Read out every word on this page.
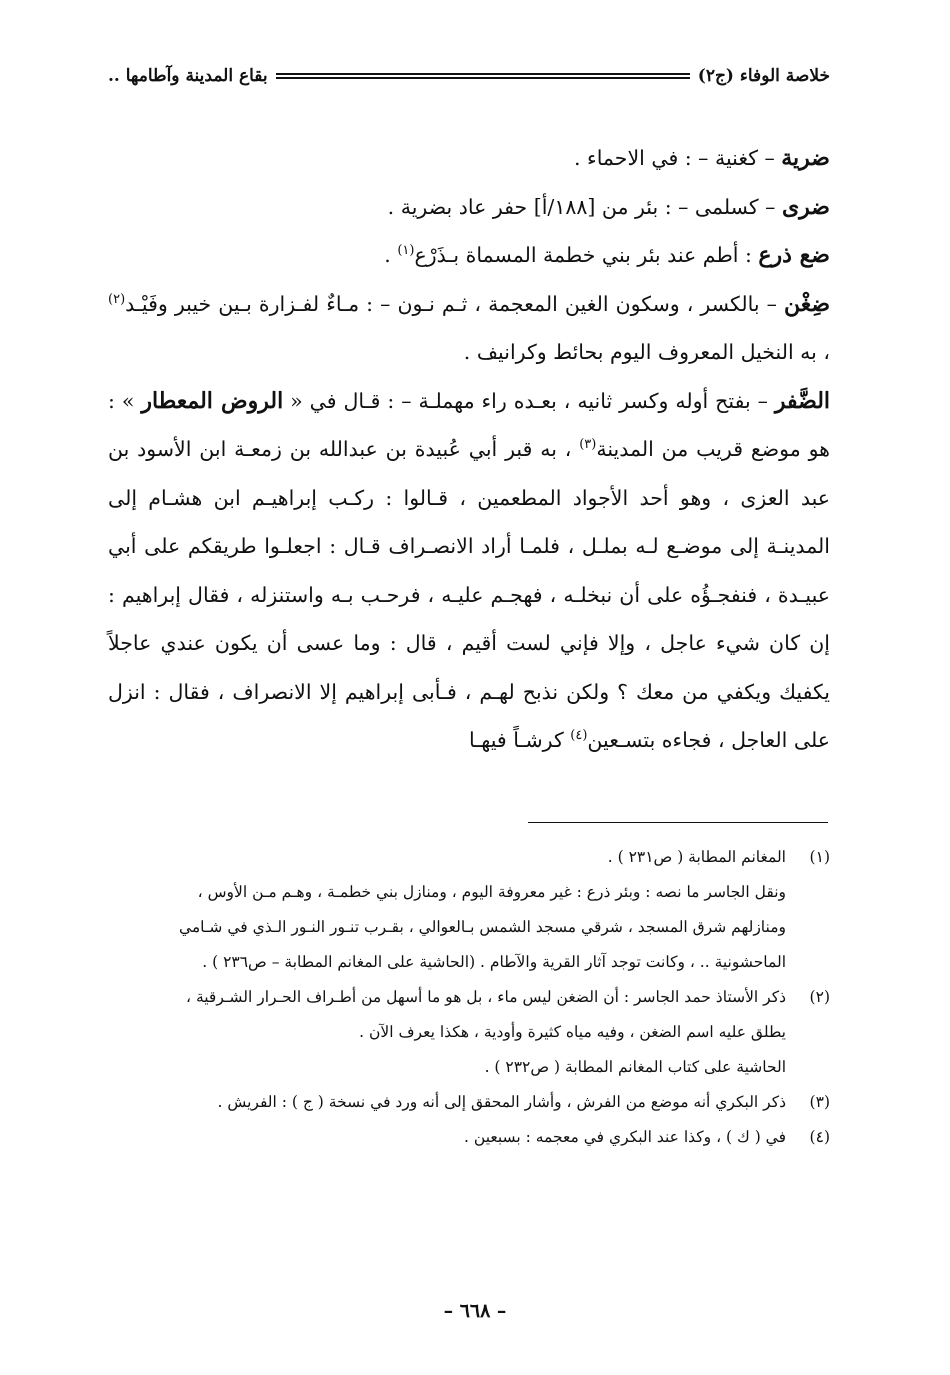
خلاصة الوفاء (ج٢)
بقاع المدينة وآطامها ..

ضرية – كغنية – : في الاحماء .

ضرى – كسلمى – : بئر من [١٨٨/أ] حفر عاد بضرية .

ضع ذرع : أطم عند بئر بني خطمة المسماة بـذَرْع$^{(١)}$ .

ضِغْن – بالكسر ، وسكون الغين المعجمة ، ثـم نـون – : مـاءٌ لفـزارة بـين خيبر وفَيْـد$^{(٢)}$ ، به النخيل المعروف اليوم بحائط وكرانيف .

الضَّفر – بفتح أوله وكسر ثانيه ، بعـده راء مهملـة – : قـال في « الروض المعطار » : هو موضع قريب من المدينة$^{(٣)}$ ، به قبر أبي عُبيدة بن عبدالله بن زمعـة ابن الأسود بن عبد العزى ، وهو أحد الأجواد المطعمين ، قـالوا : ركـب إبراهيـم ابن هشـام إلى المدينـة إلى موضـع لـه بملـل ، فلمـا أراد الانصـراف قـال : اجعلـوا طريقكم على أبي عبيـدة ، فنفجـؤُه على أن نبخلـه ، فهجـم عليـه ، فرحـب بـه واستنزله ، فقال إبراهيم : إن كان شيء عاجل ، وإلا فإني لست أقيم ، قال : وما عسى أن يكون عندي عاجلاً يكفيك ويكفي من معك ؟ ولكن نذبح لهـم ، فـأبى إبراهيم إلا الانصراف ، فقال : انزل على العاجل ، فجاءه بتسـعين$^{(٤)}$ كرشـاً فيهـا

(١)
المغانم المطابة ( ص٢٣١ ) .
ونقل الجاسر ما نصه : وبئر ذرع : غير معروفة اليوم ، ومنازل بني خطمـة ، وهـم مـن الأوس ،
ومنازلهم شرق المسجد ، شرقي مسجد الشمس بـالعوالي ، بقـرب تنـور النـور الـذي في شـامي
الماحشونية .. ، وكانت توجد آثار القرية والآطام . (الحاشية على المغانم المطابة – ص٢٣٦ ) .
(٢)
ذكر الأستاذ حمد الجاسر : أن الضغن ليس ماء ، بل هو ما أسهل من أطـراف الحـرار الشـرقية ،
يطلق عليه اسم الضغن ، وفيه مياه كثيرة وأودية ، هكذا يعرف الآن .
الحاشية على كتاب المغانم المطابة ( ص٢٣٢ ) .
(٣)
ذكر البكري أنه موضع من الفرش ، وأشار المحقق إلى أنه ورد في نسخة ( ج ) : الفريش .
(٤)
في ( ك ) ، وكذا عند البكري في معجمه : بسبعين .
– ٦٦٨ –
